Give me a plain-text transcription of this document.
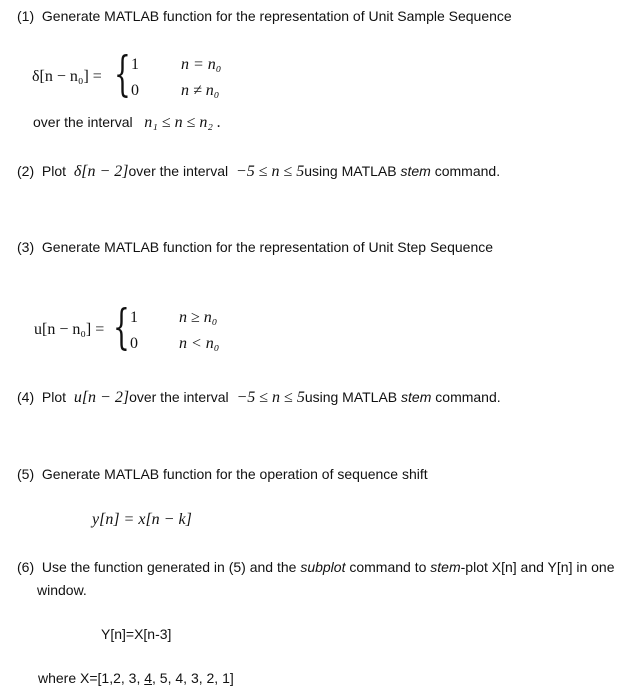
(1) Generate MATLAB function for the representation of Unit Sample Sequence
δ[n − n₀] = { 1	n = n₀
0	n ≠ n₀
over the interval n₁ ≤ n ≤ n₂ .
(2) Plot δ[n − 2]over the interval −5 ≤ n ≤ 5using MATLAB stem command.
(3) Generate MATLAB function for the representation of Unit Step Sequence
u[n − n₀] = { 1	n ≥ n₀
0	n < n₀
(4) Plot u[n − 2]over the interval −5 ≤ n ≤ 5using MATLAB stem command.
(5) Generate MATLAB function for the operation of sequence shift
y[n] = x[n − k]
(6) Use the function generated in (5) and the subplot command to stem-plot X[n] and Y[n] in one
window.
Y[n]=X[n-3]
where X=[1,2, 3, 4, 5, 4, 3, 2, 1]
